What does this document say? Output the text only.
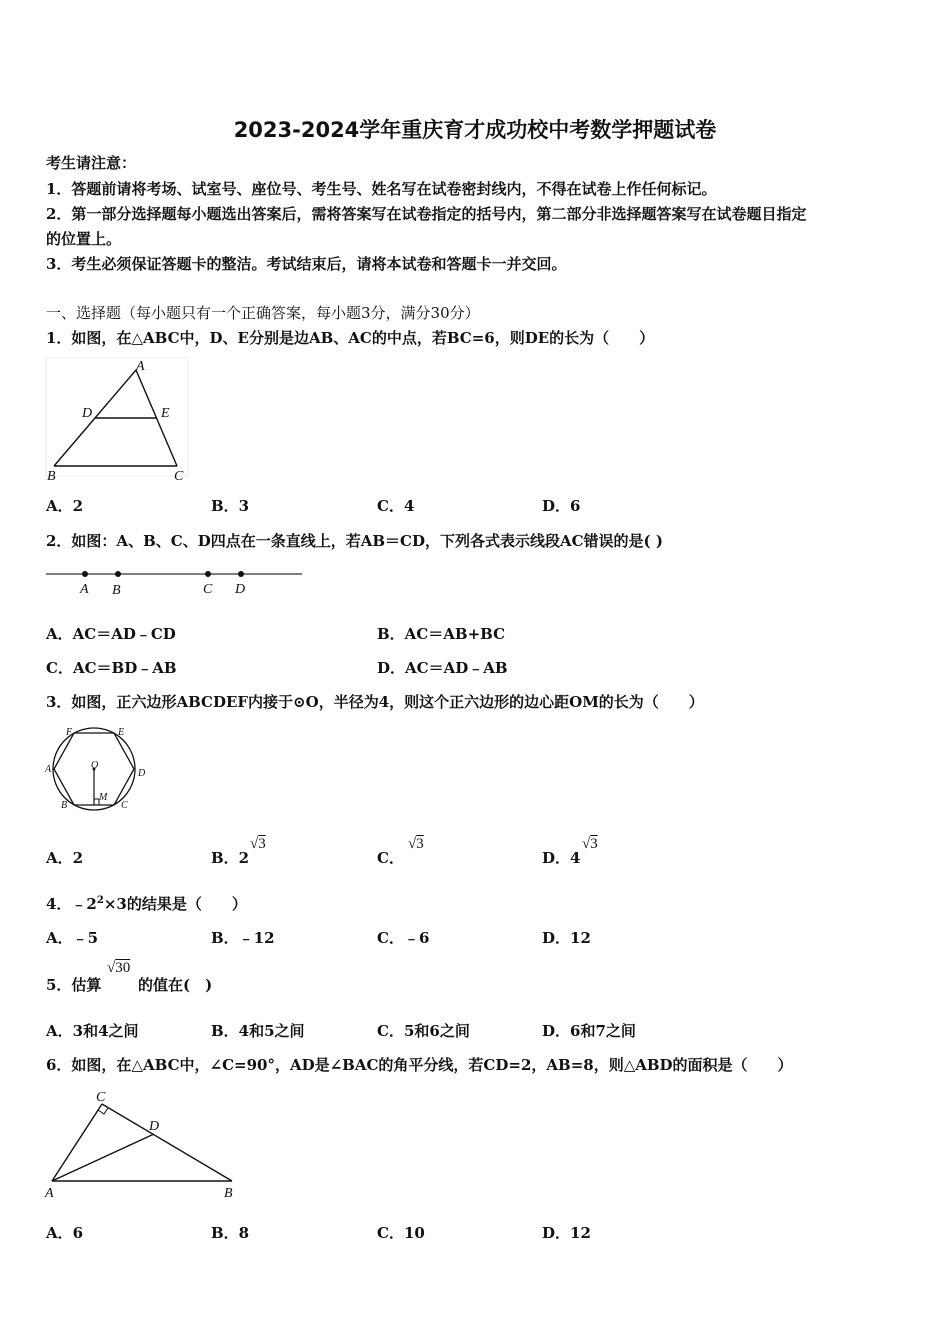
2023-2024学年重庆育才成功校中考数学押题试卷
考生请注意：
1．答题前请将考场、试室号、座位号、考生号、姓名写在试卷密封线内，不得在试卷上作任何标记。
2．第一部分选择题每小题选出答案后，需将答案写在试卷指定的括号内，第二部分非选择题答案写在试卷题目指定
的位置上。
3．考生必须保证答题卡的整洁。考试结束后，请将本试卷和答题卡一并交回。
一、选择题（每小题只有一个正确答案，每小题3分，满分30分）
1．如图，在△ABC中，D、E分别是边AB、AC的中点，若BC=6，则DE的长为（　　）
A
D	E
B	C
A．2	B．3	C．4	D．6
2．如图：A、B、C、D四点在一条直线上，若AB＝CD，下列各式表示线段AC错误的是( )
A B	C D
A．AC＝AD﹣CD	B．AC＝AB+BC
C．AC＝BD﹣AB	D．AC＝AD﹣AB
3．如图，正六边形ABCDEF内接于⊙O，半径为4，则这个正六边形的边心距OM的长为（　　）
F	E
A	D
O
M
B	C
A．2	B．2
√3
C．
√3
D．4
√3
4．$﹣2^2\times 3$的结果是（　　）
A．﹣5	B．﹣12	C．﹣6	D．12
5．估算
√30
的值在(　)
A．3和4之间	B．4和5之间	C．5和6之间	D．6和7之间
6．如图，在△ABC中，∠C=90°，AD是∠BAC的角平分线，若CD=2，AB=8，则△ABD的面积是（　　）
C
D
A	B
A．6	B．8	C．10	D．12
